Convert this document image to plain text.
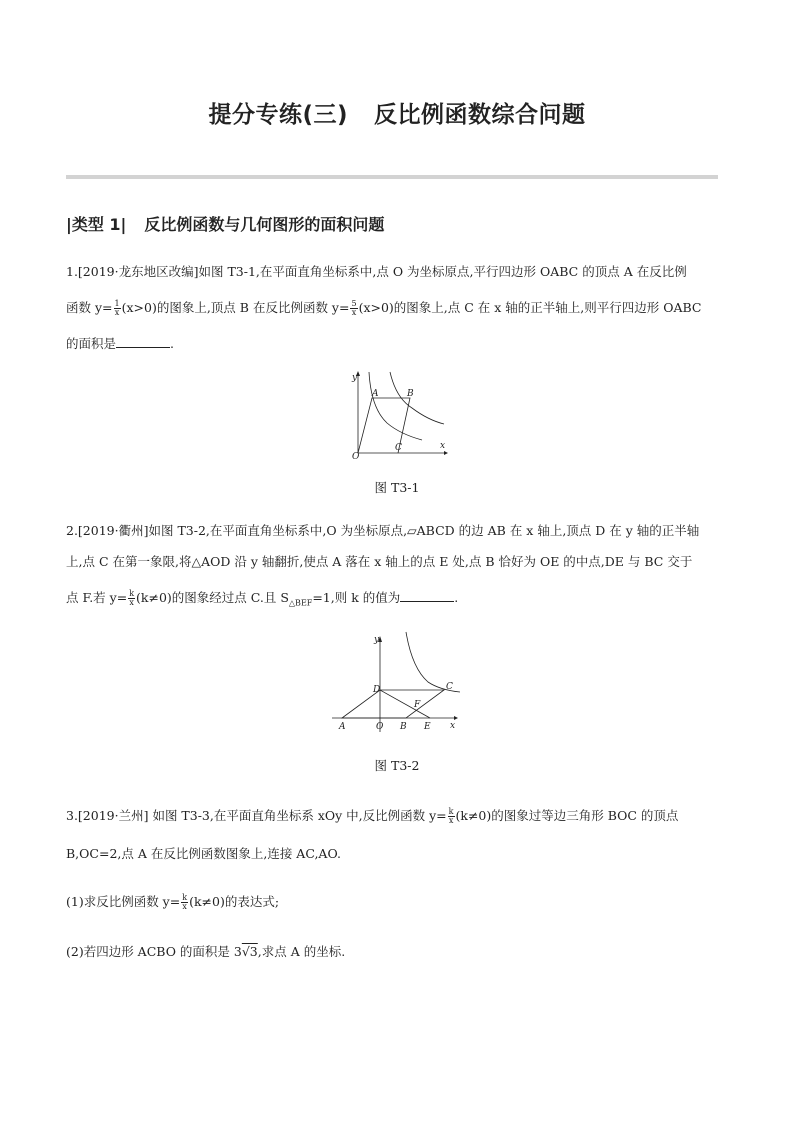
提分专练(三) 反比例函数综合问题
|类型 1| 反比例函数与几何图形的面积问题
1.[2019·龙东地区改编]如图 T3-1,在平面直角坐标系中,点 O 为坐标原点,平行四边形 OABC 的顶点 A 在反比例
函数 $y= \frac{1}{x} (x>0)$的图象上,顶点 B 在反比例函数 $y= \frac{5}{x} (x>0)$的图象上,点 C 在 x 轴的正半轴上,则平行四边形 OABC
的面积是	.
y
x
O
A	B
C
图 T3-1
2.[2019·衢州]如图 T3-2,在平面直角坐标系中,O 为坐标原点,▱ABCD 的边 AB 在 x 轴上,顶点 D 在 y 轴的正半轴
上,点 C 在第一象限,将△AOD 沿 y 轴翻折,使点 A 落在 x 轴上的点 E 处,点 B 恰好为 OE 的中点,DE 与 BC 交于
点 F.若 $y= \frac{k}{x} (k\ne 0)$的图象经过点 C.且 $S_{\triangle BEF}=1$,则 k 的值为	.
y
x
A	O B E
D	C
F
图 T3-2
3.[2019·兰州] 如图 T3-3,在平面直角坐标系 xOy 中,反比例函数 $y= \frac{k}{x} (k\ne 0)$的图象过等边三角形 BOC 的顶点
B,OC=2,点 A 在反比例函数图象上,连接 AC,AO.
(1)求反比例函数 $y= \frac{k}{x} (k\ne 0)$的表达式;
(2)若四边形 ACBO 的面积是 3√3,求点 A 的坐标.
